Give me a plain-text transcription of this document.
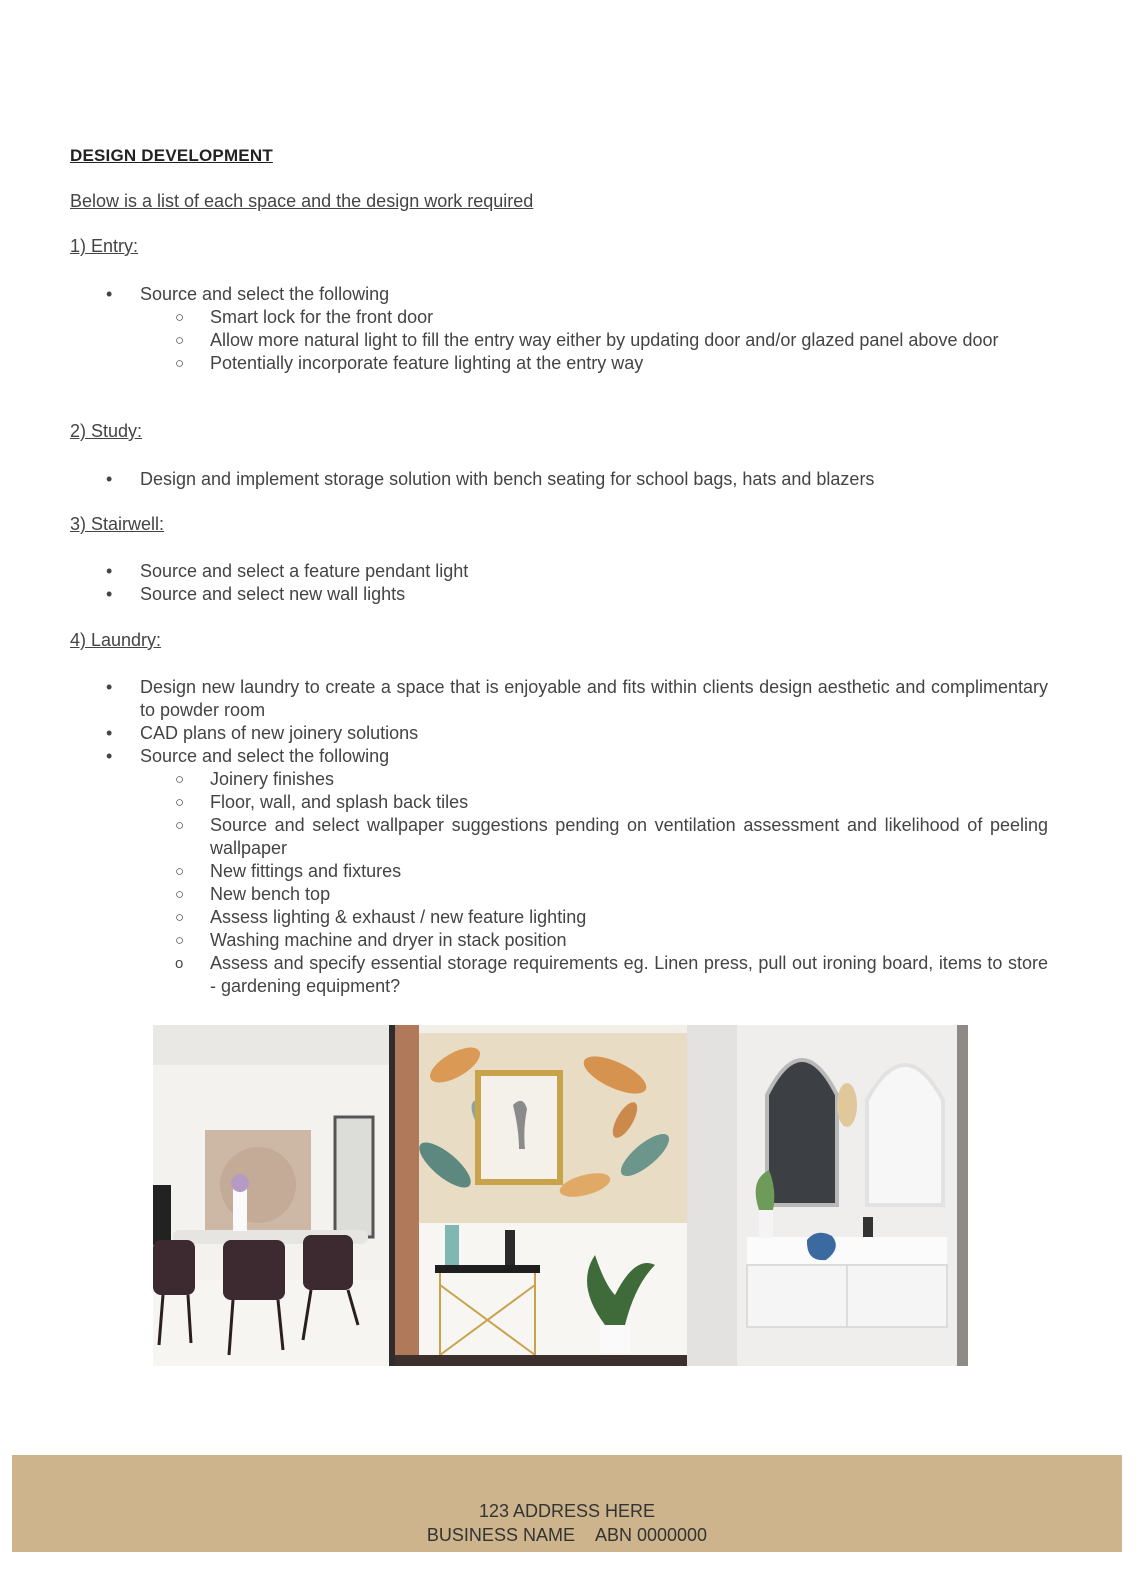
DESIGN DEVELOPMENT
Below is a list of each space and the design work required
1) Entry:
• Source and select the following
○ Smart lock for the front door
○ Allow more natural light to fill the entry way either by updating door and/or glazed panel above door
○ Potentially incorporate feature lighting at the entry way
2) Study:
• Design and implement storage solution with bench seating for school bags, hats and blazers
3) Stairwell:
• Source and select a feature pendant light
• Source and select new wall lights
4) Laundry:
• Design new laundry to create a space that is enjoyable and fits within clients design aesthetic and complimentary to powder room
• CAD plans of new joinery solutions
• Source and select the following
○ Joinery finishes
○ Floor, wall, and splash back tiles
○ Source and select wallpaper suggestions pending on ventilation assessment and likelihood of peeling wallpaper
○ New fittings and fixtures
○ New bench top
○ Assess lighting & exhaust / new feature lighting
○ Washing machine and dryer in stack position
o Assess and specify essential storage requirements eg. Linen press, pull out ironing board, items to store - gardening equipment?
123 ADDRESS HERE
BUSINESS NAME ABN 0000000
